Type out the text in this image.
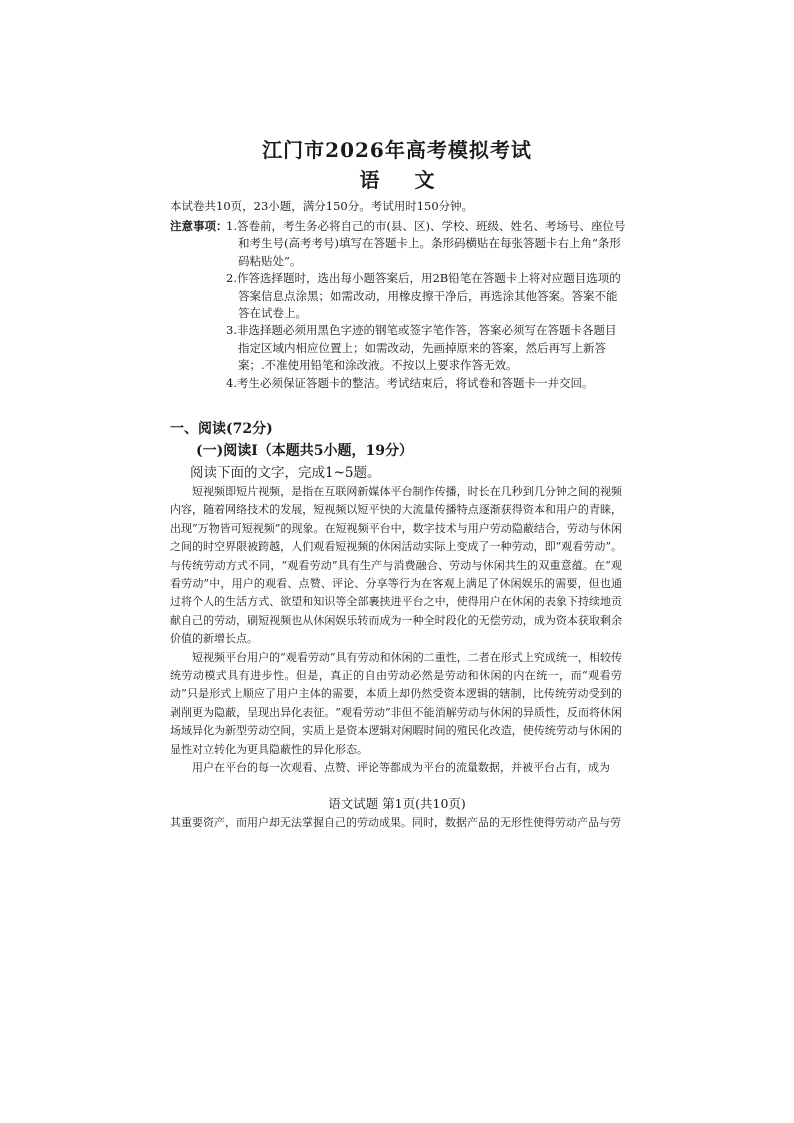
江门市2026年高考模拟考试
语 文
本试卷共10页，23小题，满分150分。考试用时150分钟。
注意事项：
1.答卷前，考生务必将自己的市(县、区)、学校、班级、姓名、考场号、座位号和考生号(高考考号)填写在答题卡上。条形码横贴在每张答题卡右上角“条形码粘贴处”。
2.作答选择题时，选出每小题答案后，用2B铅笔在答题卡上将对应题目选项的答案信息点涂黑；如需改动，用橡皮擦干净后，再选涂其他答案。答案不能答在试卷上。
3.非选择题必须用黑色字迹的钢笔或签字笔作答，答案必须写在答题卡各题目指定区域内相应位置上；如需改动，先画掉原来的答案，然后再写上新答案；.不准使用铅笔和涂改液。不按以上要求作答无效。
4.考生必须保证答题卡的整洁。考试结束后，将试卷和答题卡一并交回。
一、阅读(72分)
(一)阅读Ⅰ（本题共5小题，19分）
阅读下面的文字，完成1~5题。

短视频即短片视频，是指在互联网新媒体平台制作传播，时长在几秒到几分钟之间的视频内容，随着网络技术的发展，短视频以短平快的大流量传播特点逐渐获得资本和用户的青睐，出现“万物皆可短视频”的现象。在短视频平台中，数字技术与用户劳动隐蔽结合，劳动与休闲之间的时空界限被跨越，人们观看短视频的休闲活动实际上变成了一种劳动，即“观看劳动”。与传统劳动方式不同，“观看劳动”具有生产与消费融合、劳动与休闲共生的双重意蕴。在“观看劳动”中，用户的观看、点赞、评论、分享等行为在客观上满足了休闲娱乐的需要，但也通过将个人的生活方式、欲望和知识等全部裹挟进平台之中，使得用户在休闲的表象下持续地贡献自己的劳动，刷短视频也从休闲娱乐转而成为一种全时段化的无偿劳动，成为资本获取剩余价值的新增长点。

短视频平台用户的“观看劳动”具有劳动和休闲的二重性，二者在形式上究成统一，相较传统劳动模式具有进步性。但是，真正的自由劳动必然是劳动和休闲的内在统一，而“观看劳动”只是形式上顺应了用户主体的需要，本质上却仍然受资本逻辑的辖制，比传统劳动受到的剥削更为隐蔽，呈现出异化表征。“观看劳动”非但不能消解劳动与休闲的异质性，反而将休闲场域异化为新型劳动空间，实质上是资本逻辑对闲暇时间的殖民化改造，使传统劳动与休闲的显性对立转化为更具隐蔽性的异化形态。

用户在平台的每一次观看、点赞、评论等都成为平台的流量数据，并被平台占有，成为

语文试题 第1页(共10页)
其重要资产，而用户却无法掌握自己的劳动成果。同时，数据产品的无形性使得劳动产品与劳
